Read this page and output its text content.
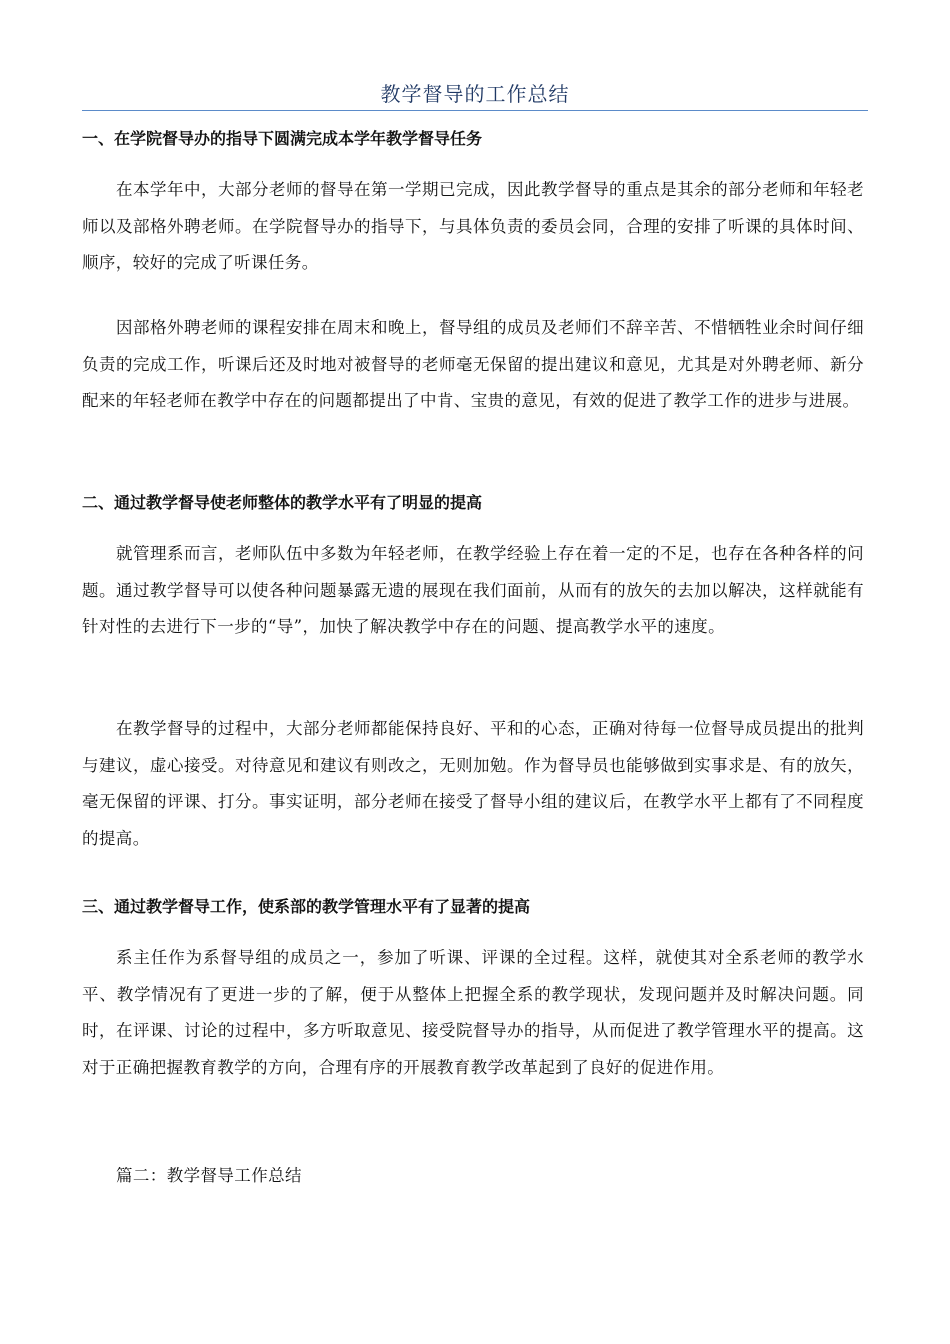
教学督导的工作总结
一、在学院督导办的指导下圆满完成本学年教学督导任务

在本学年中，大部分老师的督导在第一学期已完成，因此教学督导的重点是其余的部分老师和年轻老师以及部格外聘老师。在学院督导办的指导下，与具体负责的委员会同，合理的安排了听课的具体时间、顺序，较好的完成了听课任务。

因部格外聘老师的课程安排在周末和晚上，督导组的成员及老师们不辞辛苦、不惜牺牲业余时间仔细负责的完成工作，听课后还及时地对被督导的老师毫无保留的提出建议和意见，尤其是对外聘老师、新分配来的年轻老师在教学中存在的问题都提出了中肯、宝贵的意见，有效的促进了教学工作的进步与进展。

二、通过教学督导使老师整体的教学水平有了明显的提高

就管理系而言，老师队伍中多数为年轻老师，在教学经验上存在着一定的不足，也存在各种各样的问题。通过教学督导可以使各种问题暴露无遗的展现在我们面前，从而有的放矢的去加以解决，这样就能有针对性的去进行下一步的“导”，加快了解决教学中存在的问题、提高教学水平的速度。

在教学督导的过程中，大部分老师都能保持良好、平和的心态，正确对待每一位督导成员提出的批判与建议，虚心接受。对待意见和建议有则改之，无则加勉。作为督导员也能够做到实事求是、有的放矢，毫无保留的评课、打分。事实证明，部分老师在接受了督导小组的建议后，在教学水平上都有了不同程度的提高。

三、通过教学督导工作，使系部的教学管理水平有了显著的提高

系主任作为系督导组的成员之一，参加了听课、评课的全过程。这样，就使其对全系老师的教学水平、教学情况有了更进一步的了解，便于从整体上把握全系的教学现状，发现问题并及时解决问题。同时，在评课、讨论的过程中，多方听取意见、接受院督导办的指导，从而促进了教学管理水平的提高。这对于正确把握教育教学的方向，合理有序的开展教育教学改革起到了良好的促进作用。

篇二：教学督导工作总结
